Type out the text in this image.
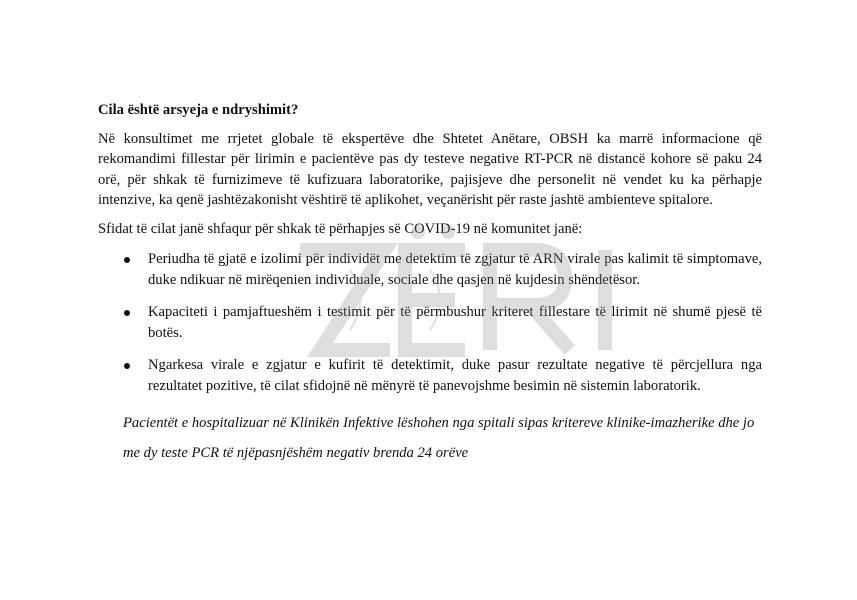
Cila është arsyeja e ndryshimit?
Në konsultimet me rrjetet globale të ekspertëve dhe Shtetet Anëtare, OBSH ka marrë informacione që rekomandimi fillestar për lirimin e pacientëve pas dy testeve negative RT-PCR në distancë kohore së paku 24 orë, për shkak të furnizimeve të kufizuara laboratorike, pajisjeve dhe personelit në vendet ku ka përhapje intenzive, ka qenë jashtëzakonisht vështirë të aplikohet, veçanërisht për raste jashtë ambienteve spitalore.
Sfidat të cilat janë shfaqur për shkak të përhapjes së COVID-19 në komunitet janë:
Periudha të gjatë e izolimi për individët me detektim të zgjatur të ARN virale pas kalimit të simptomave, duke ndikuar në mirëqenien individuale, sociale dhe qasjen në kujdesin shëndetësor.
Kapaciteti i pamjaftueshëm i testimit për të përmbushur kriteret fillestare të lirimit në shumë pjesë të botës.
Ngarkesa virale e zgjatur e kufirit të detektimit, duke pasur rezultate negative të përcjellura nga rezultatet pozitive, të cilat sfidojnë në mënyrë të panevojshme besimin në sistemin laboratorik.
Pacientët e hospitalizuar në Klinikën Infektive lëshohen nga spitali sipas kritereve klinike-imazherike dhe jo me dy teste PCR të njëpasnjëshëm negativ brenda 24 orëve
